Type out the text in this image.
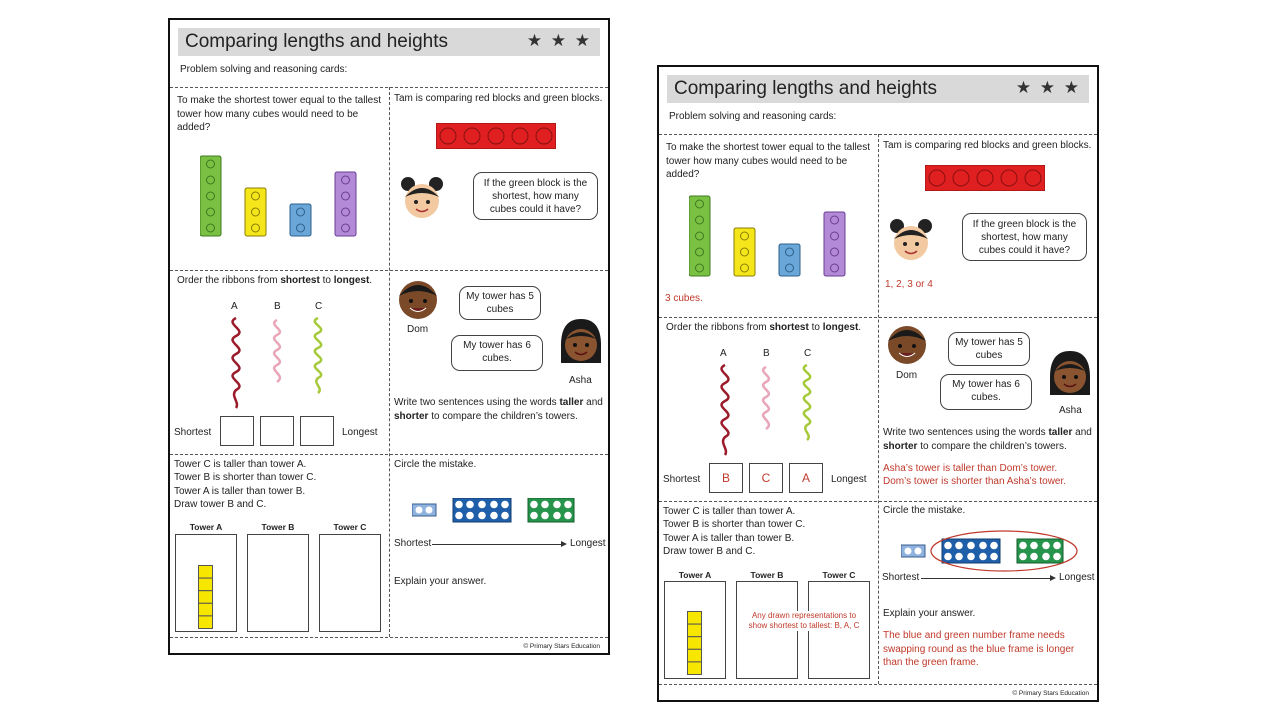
Comparing lengths and heights	★ ★ ★
Problem solving and reasoning cards:
To make the shortest tower equal to the tallest tower how many cubes would need to be added?
Tam is comparing red blocks and green blocks.
If the green block is the shortest, how many cubes could it have?
Order the ribbons from shortest to longest.
A	B	C
Shortest	Longest
Dom
My tower has 5 cubes
My tower has 6 cubes.
Asha
Write two sentences using the words taller and shorter to compare the children’s towers.
Tower C is taller than tower A.
Tower B is shorter than tower C.
Tower A is taller than tower B.
Draw tower B and C.
Tower A	Tower B	Tower C
Circle the mistake.
Shortest	Longest
Explain your answer.
© Primary Stars Education
Comparing lengths and heights	★ ★ ★
Problem solving and reasoning cards:
To make the shortest tower equal to the tallest tower how many cubes would need to be added?
3 cubes.
Tam is comparing red blocks and green blocks.
If the green block is the shortest, how many cubes could it have?
1, 2, 3 or 4
Order the ribbons from shortest to longest.
A	B	C
Shortest	B	C	A	Longest
Dom
My tower has 5 cubes
My tower has 6 cubes.
Asha
Write two sentences using the words taller and shorter to compare the children’s towers.
Asha’s tower is taller than Dom’s tower.
Dom’s tower is shorter than Asha’s tower.
Tower C is taller than tower A.
Tower B is shorter than tower C.
Tower A is taller than tower B.
Draw tower B and C.
Tower A	Tower B	Tower C
Any drawn representations to show shortest to tallest: B, A, C
Circle the mistake.
Shortest	Longest
Explain your answer.
The blue and green number frame needs swapping round as the blue frame is longer than the green frame.
© Primary Stars Education
